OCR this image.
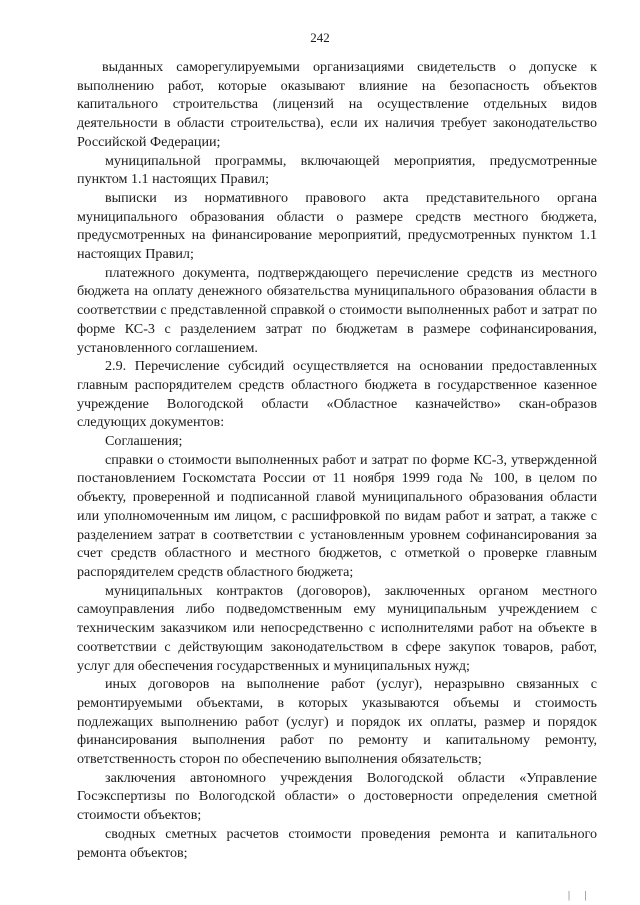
242

выданных саморегулируемыми организациями свидетельств о допуске к выполнению работ, которые оказывают влияние на безопасность объектов капитального строительства (лицензий на осуществление отдельных видов деятельности в области строительства), если их наличия требует законодательство Российской Федерации;

муниципальной программы, включающей мероприятия, предусмотренные пунктом 1.1 настоящих Правил;

выписки из нормативного правового акта представительного органа муниципального образования области о размере средств местного бюджета, предусмотренных на финансирование мероприятий, предусмотренных пунктом 1.1 настоящих Правил;

платежного документа, подтверждающего перечисление средств из местного бюджета на оплату денежного обязательства муниципального образования области в соответствии с представленной справкой о стоимости выполненных работ и затрат по форме КС-3 с разделением затрат по бюджетам в размере софинансирования, установленного соглашением.

2.9. Перечисление субсидий осуществляется на основании предоставленных главным распорядителем средств областного бюджета в государственное казенное учреждение Вологодской области «Областное казначейство» скан-образов следующих документов:

Соглашения;

справки о стоимости выполненных работ и затрат по форме КС-3, утвержденной постановлением Госкомстата России от 11 ноября 1999 года № 100, в целом по объекту, проверенной и подписанной главой муниципального образования области или уполномоченным им лицом, с расшифровкой по видам работ и затрат, а также с разделением затрат в соответствии с установленным уровнем софинансирования за счет средств областного и местного бюджетов, с отметкой о проверке главным распорядителем средств областного бюджета;

муниципальных контрактов (договоров), заключенных органом местного самоуправления либо подведомственным ему муниципальным учреждением с техническим заказчиком или непосредственно с исполнителями работ на объекте в соответствии с действующим законодательством в сфере закупок товаров, работ, услуг для обеспечения государственных и муниципальных нужд;

иных договоров на выполнение работ (услуг), неразрывно связанных с ремонтируемыми объектами, в которых указываются объемы и стоимость подлежащих выполнению работ (услуг) и порядок их оплаты, размер и порядок финансирования выполнения работ по ремонту и капитальному ремонту, ответственность сторон по обеспечению выполнения обязательств;

заключения автономного учреждения Вологодской области «Управление Госэкспертизы по Вологодской области» о достоверности определения сметной стоимости объектов;

сводных сметных расчетов стоимости проведения ремонта и капитального ремонта объектов;

| |
